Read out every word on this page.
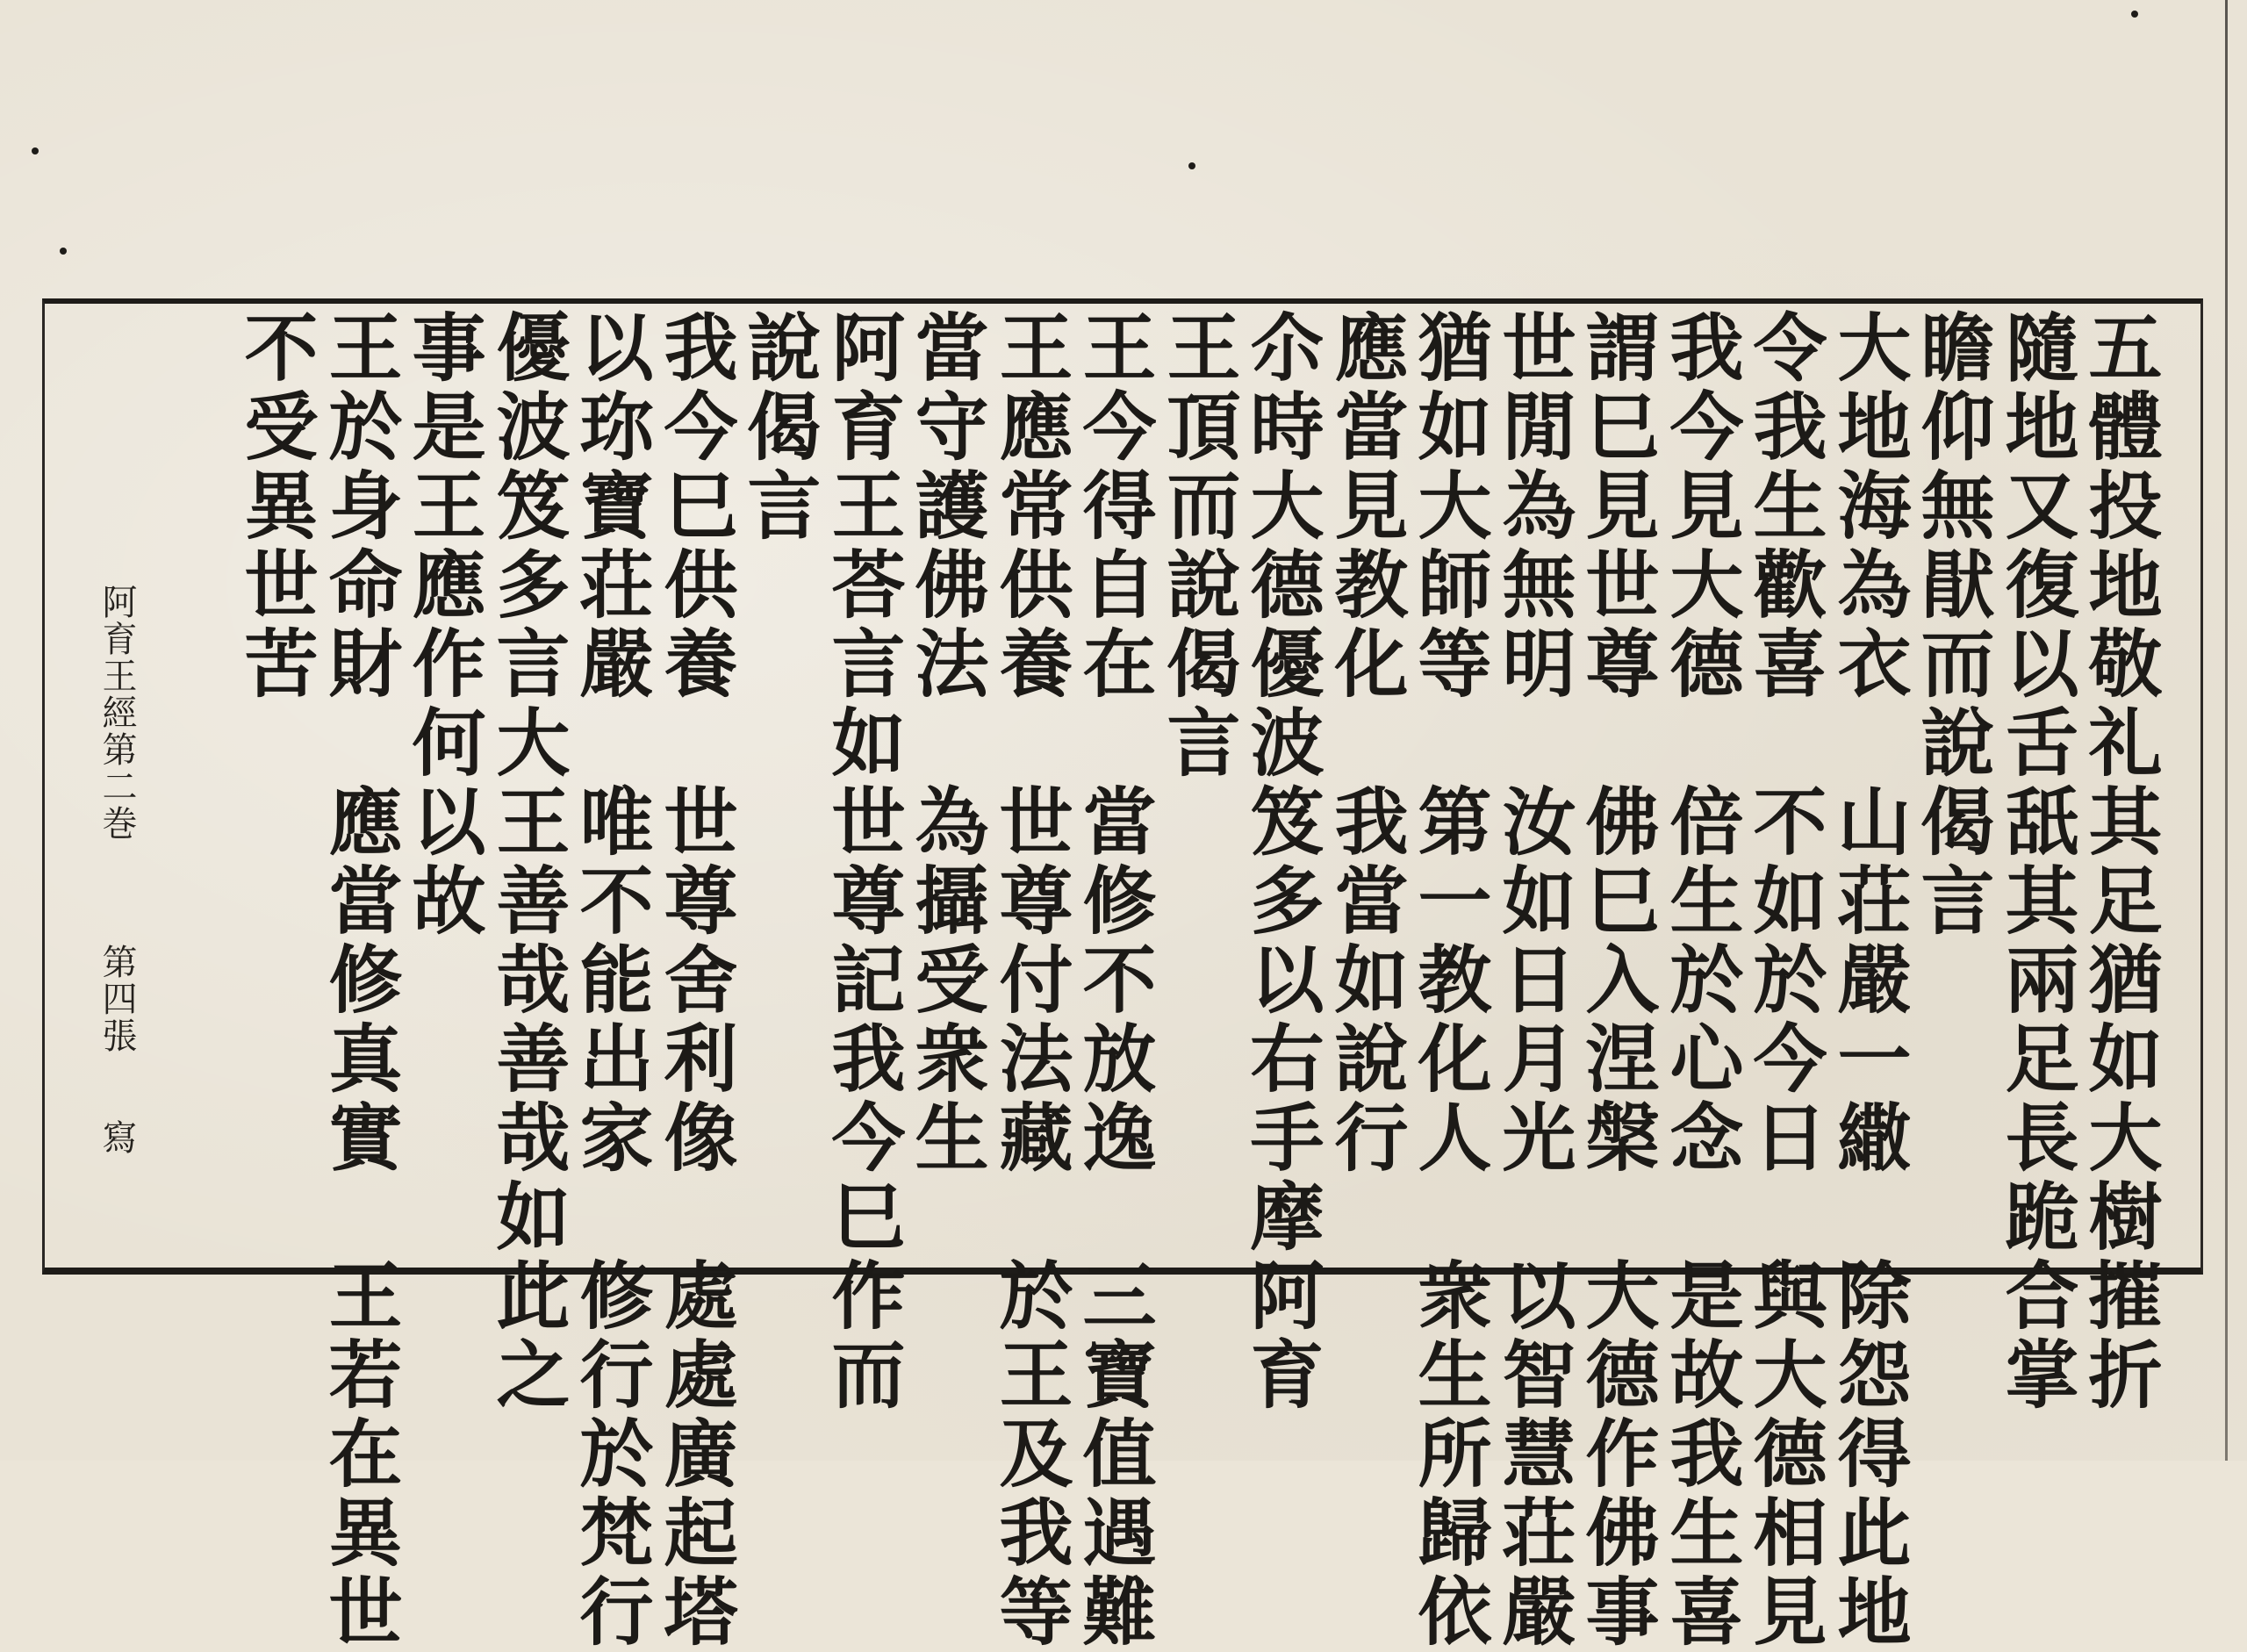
五體投地敬礼其足猶如大樹摧折
隨地又復以舌舐其兩足長跪合掌
瞻仰無猒而說偈言
大地海為衣　山荘嚴一繖　除怨得此地
令我生歡喜　不如於今日　與大德相見
我今見大德　倍生於心念　是故我生喜
謂巳見世尊　佛巳入涅槃　大德作佛事
世閒為無明　汝如日月光　以智慧荘嚴
猶如大師等　第一教化人　衆生所歸依
應當見教化　我當如說行
尒時大德優波笈多以右手摩阿育
王頂而說偈言
王今得自在　當修不放逸　三寶值遇難
王應常供養　世尊付法藏　於王及我等
當守護佛法　為攝受衆生
阿育王荅言如世尊記我今巳作而
說偈言
我今巳供養　世尊舍利像　處處廣起塔
以珎寶荘嚴　唯不能出家　修行於梵行
優波笈多言大王善哉善哉如此之
事是王應作何以故
王於身命財　應當修真實　王若在異世
不受異世苦
阿育王經第二巻
第四張
寫
